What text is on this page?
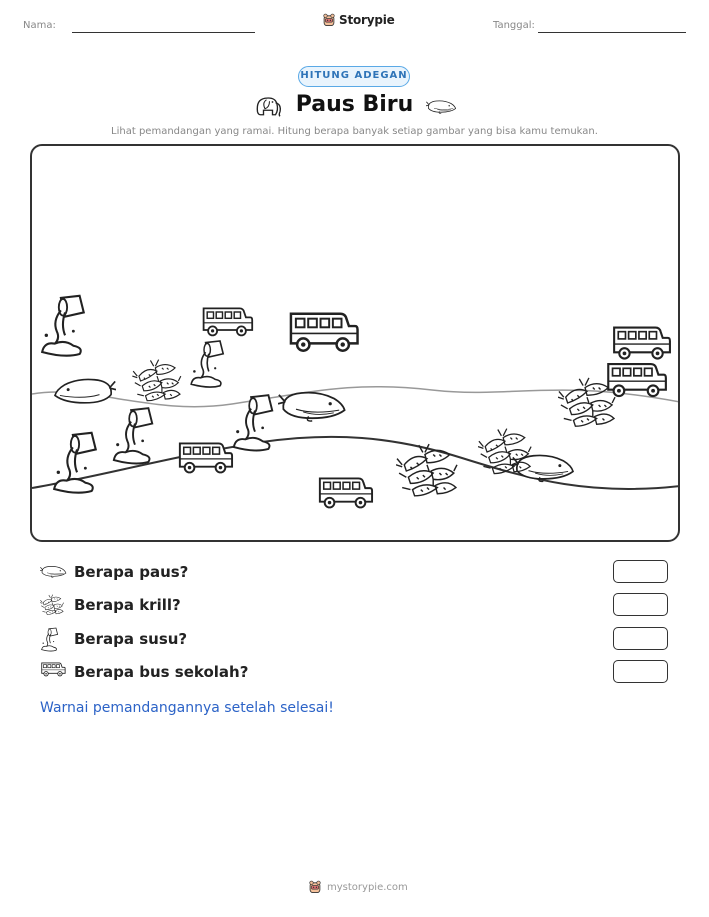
Nama:	Storypie	Tanggal:
HITUNG ADEGAN
Paus Biru
Lihat pemandangan yang ramai. Hitung berapa banyak setiap gambar yang bisa kamu temukan.
Berapa paus?
Berapa krill?
Berapa susu?
Berapa bus sekolah?
Warnai pemandangannya setelah selesai!
mystorypie.com
